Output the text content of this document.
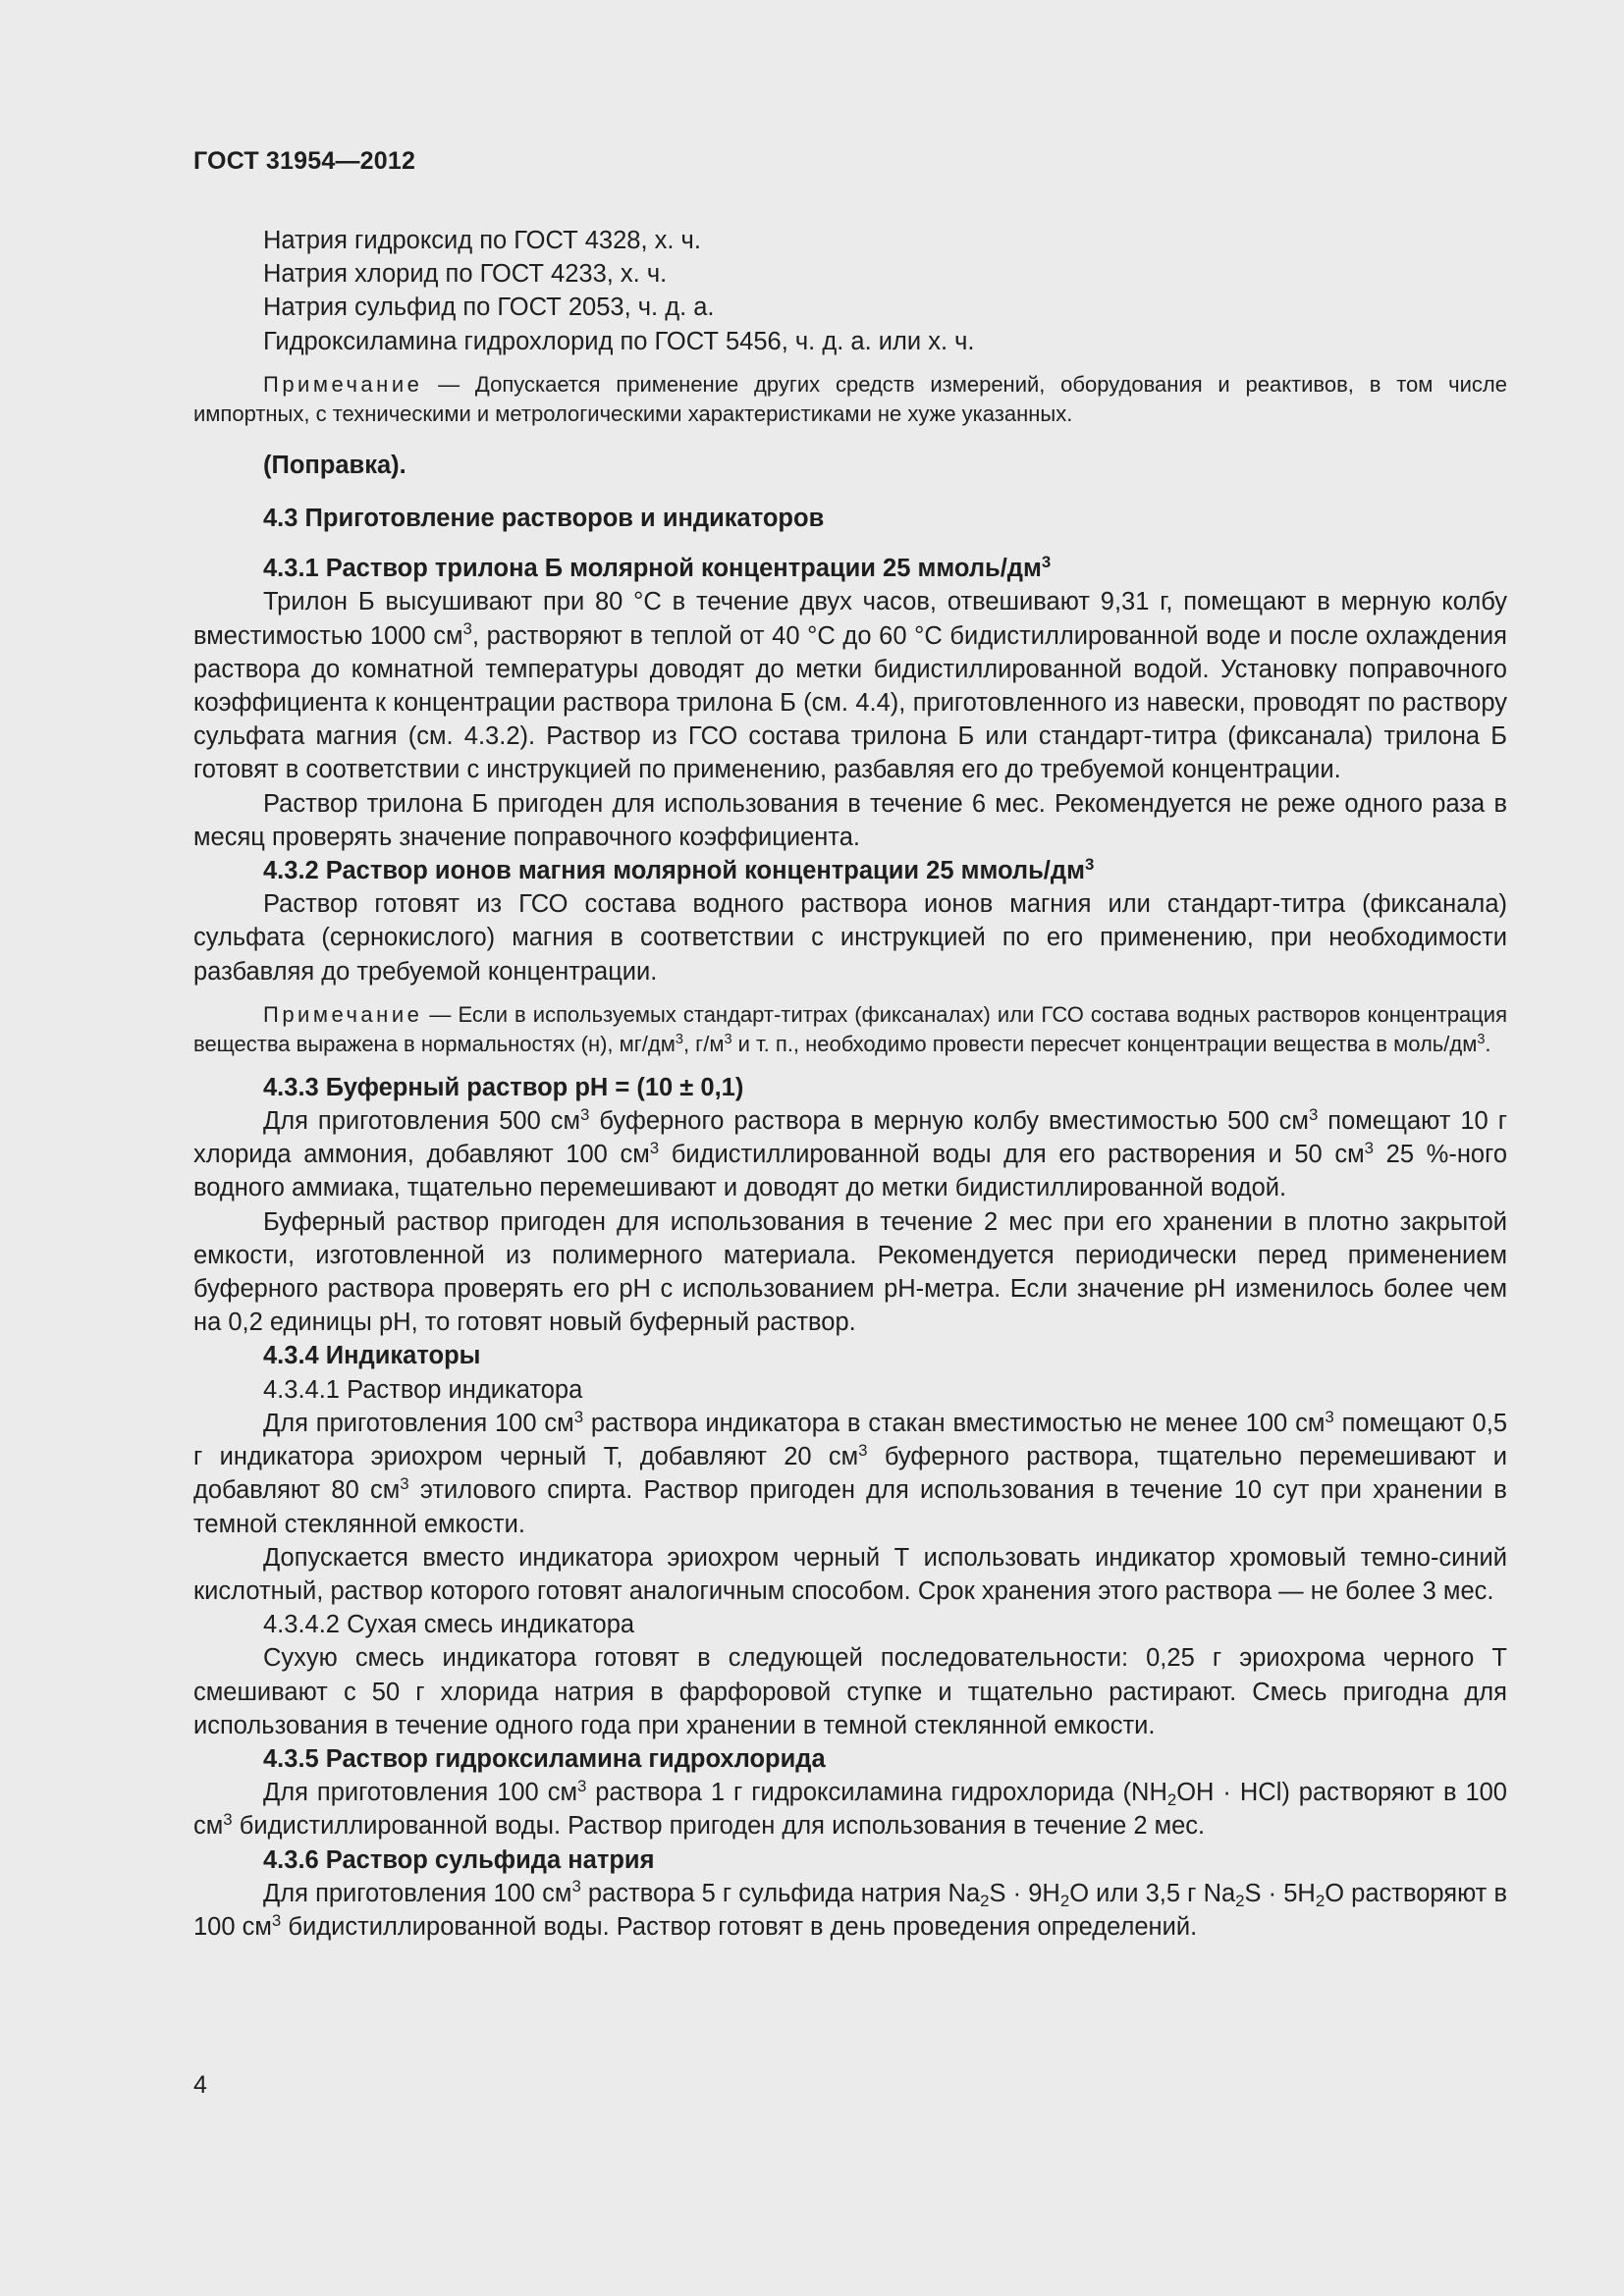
ГОСТ 31954—2012

Натрия гидроксид по ГОСТ 4328, х. ч.

Натрия хлорид по ГОСТ 4233, х. ч.

Натрия сульфид по ГОСТ 2053, ч. д. а.

Гидроксиламина гидрохлорид по ГОСТ 5456, ч. д. а. или х. ч.

Примечание — Допускается применение других средств измерений, оборудования и реактивов, в том числе импортных, с техническими и метрологическими характеристиками не хуже указанных.

(Поправка).

4.3 Приготовление растворов и индикаторов

4.3.1 Раствор трилона Б молярной концентрации 25 ммоль/$дм^3$

Трилон Б высушивают при 80 °С в течение двух часов, отвешивают 9,31 г, помещают в мерную колбу вместимостью 1000 $см^3$, растворяют в теплой от 40 °С до 60 °С бидистиллированной воде и после охлаждения раствора до комнатной температуры доводят до метки бидистиллированной водой. Установку поправочного коэффициента к концентрации раствора трилона Б (см. 4.4), приготовленного из навески, проводят по раствору сульфата магния (см. 4.3.2). Раствор из ГСО состава трилона Б или стандарт-титра (фиксанала) трилона Б готовят в соответствии с инструкцией по применению, разбавляя его до требуемой концентрации.

Раствор трилона Б пригоден для использования в течение 6 мес. Рекомендуется не реже одного раза в месяц проверять значение поправочного коэффициента.

4.3.2 Раствор ионов магния молярной концентрации 25 ммоль/$дм^3$

Раствор готовят из ГСО состава водного раствора ионов магния или стандарт-титра (фиксанала) сульфата (сернокислого) магния в соответствии с инструкцией по его применению, при необходимости разбавляя до требуемой концентрации.

Примечание — Если в используемых стандарт-титрах (фиксаналах) или ГСО состава водных растворов концентрация вещества выражена в нормальностях (н), $мг/дм^3$, $г/м^3$ и т. п., необходимо провести пересчет концентрации вещества в моль/$дм^3$.

4.3.3 Буферный раствор рН = (10 ± 0,1)

Для приготовления 500 $см^3$ буферного раствора в мерную колбу вместимостью 500 $см^3$ помещают 10 г хлорида аммония, добавляют 100 $см^3$ бидистиллированной воды для его растворения и 50 $см^3$ 25 %-ного водного аммиака, тщательно перемешивают и доводят до метки бидистиллированной водой.

Буферный раствор пригоден для использования в течение 2 мес при его хранении в плотно закрытой емкости, изготовленной из полимерного материала. Рекомендуется периодически перед применением буферного раствора проверять его рН с использованием рН-метра. Если значение рН изменилось более чем на 0,2 единицы рН, то готовят новый буферный раствор.

4.3.4 Индикаторы

4.3.4.1 Раствор индикатора

Для приготовления 100 $см^3$ раствора индикатора в стакан вместимостью не менее 100 $см^3$ помещают 0,5 г индикатора эриохром черный Т, добавляют 20 $см^3$ буферного раствора, тщательно перемешивают и добавляют 80 $см^3$ этилового спирта. Раствор пригоден для использования в течение 10 сут при хранении в темной стеклянной емкости.

Допускается вместо индикатора эриохром черный Т использовать индикатор хромовый темно-синий кислотный, раствор которого готовят аналогичным способом. Срок хранения этого раствора — не более 3 мес.

4.3.4.2 Сухая смесь индикатора

Сухую смесь индикатора готовят в следующей последовательности: 0,25 г эриохрома черного Т смешивают с 50 г хлорида натрия в фарфоровой ступке и тщательно растирают. Смесь пригодна для использования в течение одного года при хранении в темной стеклянной емкости.

4.3.5 Раствор гидроксиламина гидрохлорида

Для приготовления 100 $см^3$ раствора 1 г гидроксиламина гидрохлорида $(NH_2OH \cdot HCl)$ растворяют в 100 $см^3$ бидистиллированной воды. Раствор пригоден для использования в течение 2 мес.

4.3.6 Раствор сульфида натрия

Для приготовления 100 $см^3$ раствора 5 г сульфида натрия $Na_2S \cdot 9H_2O$ или 3,5 г $Na_2S \cdot 5H_2O$ растворяют в 100 $см^3$ бидистиллированной воды. Раствор готовят в день проведения определений.

4
